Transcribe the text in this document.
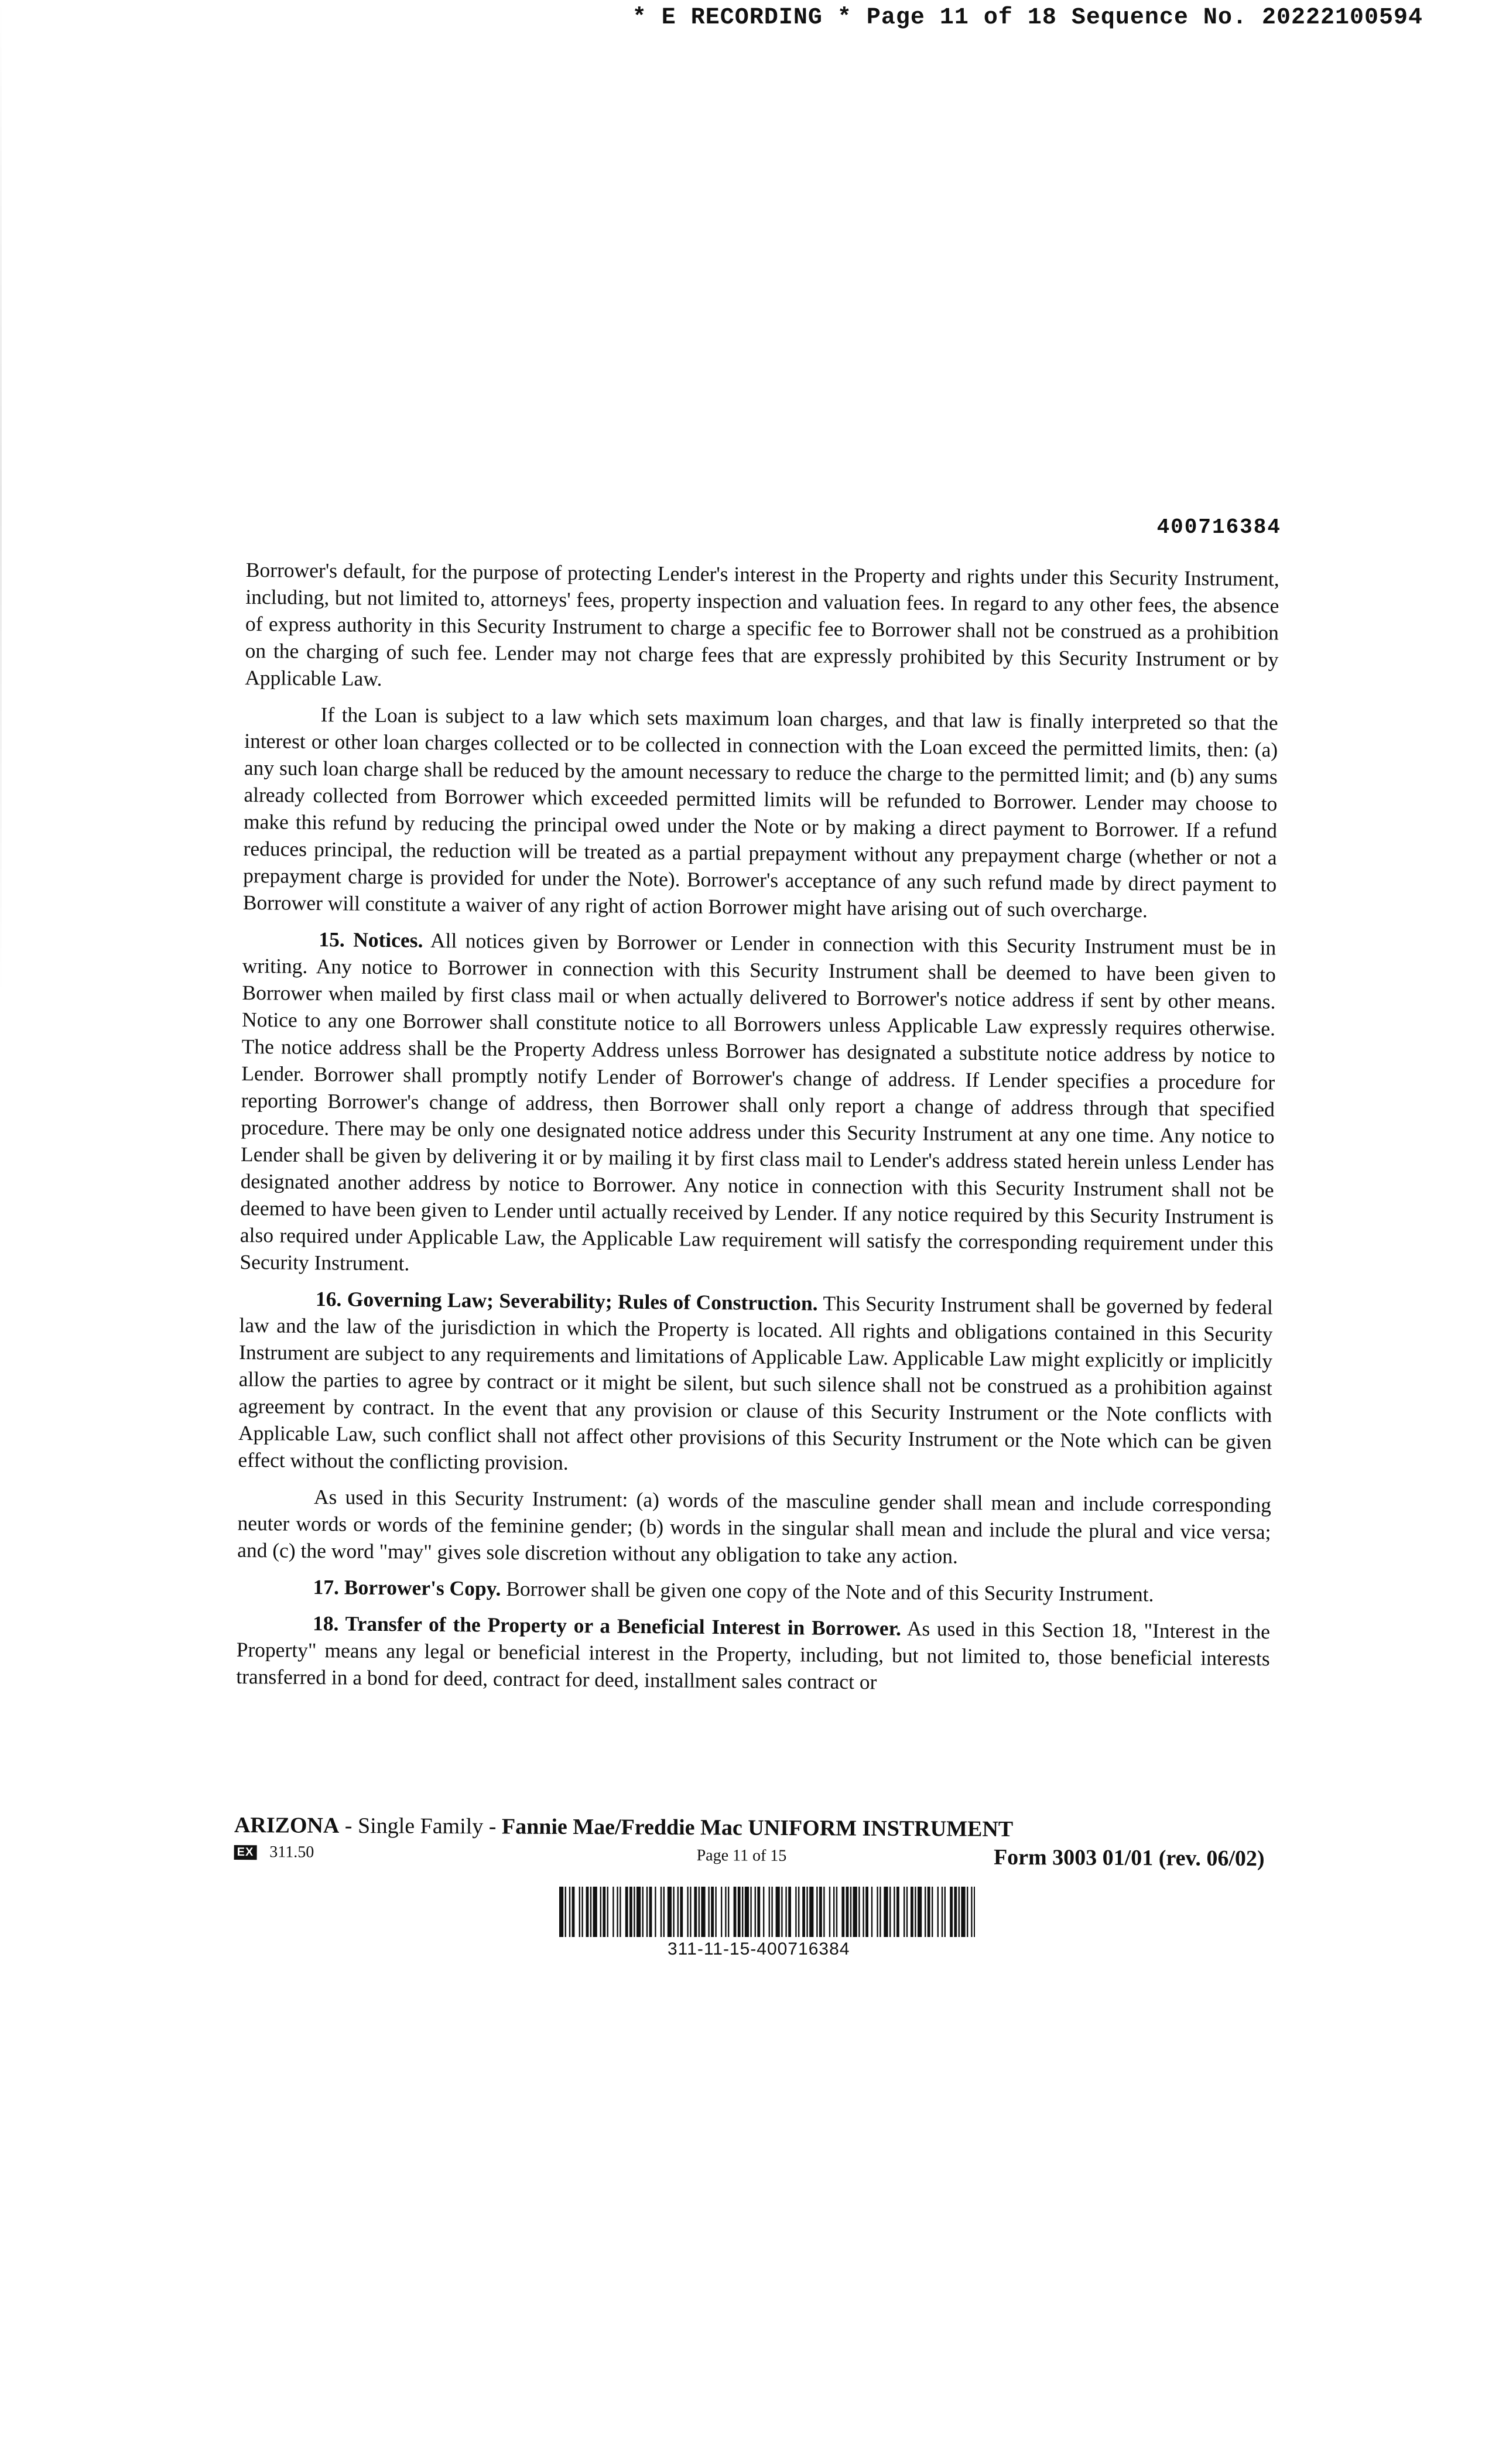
* E RECORDING * Page 11 of 18 Sequence No. 20222100594
400716384

Borrower's default, for the purpose of protecting Lender's interest in the Property and rights under this Security Instrument, including, but not limited to, attorneys' fees, property inspection and valuation fees. In regard to any other fees, the absence of express authority in this Security Instrument to charge a specific fee to Borrower shall not be construed as a prohibition on the charging of such fee. Lender may not charge fees that are expressly prohibited by this Security Instrument or by Applicable Law.

If the Loan is subject to a law which sets maximum loan charges, and that law is finally interpreted so that the interest or other loan charges collected or to be collected in connection with the Loan exceed the permitted limits, then: (a) any such loan charge shall be reduced by the amount necessary to reduce the charge to the permitted limit; and (b) any sums already collected from Borrower which exceeded permitted limits will be refunded to Borrower. Lender may choose to make this refund by reducing the principal owed under the Note or by making a direct payment to Borrower. If a refund reduces principal, the reduction will be treated as a partial prepayment without any prepayment charge (whether or not a prepayment charge is provided for under the Note). Borrower's acceptance of any such refund made by direct payment to Borrower will constitute a waiver of any right of action Borrower might have arising out of such overcharge.

15. Notices. All notices given by Borrower or Lender in connection with this Security Instrument must be in writing. Any notice to Borrower in connection with this Security Instrument shall be deemed to have been given to Borrower when mailed by first class mail or when actually delivered to Borrower's notice address if sent by other means. Notice to any one Borrower shall constitute notice to all Borrowers unless Applicable Law expressly requires otherwise. The notice address shall be the Property Address unless Borrower has designated a substitute notice address by notice to Lender. Borrower shall promptly notify Lender of Borrower's change of address. If Lender specifies a procedure for reporting Borrower's change of address, then Borrower shall only report a change of address through that specified procedure. There may be only one designated notice address under this Security Instrument at any one time. Any notice to Lender shall be given by delivering it or by mailing it by first class mail to Lender's address stated herein unless Lender has designated another address by notice to Borrower. Any notice in connection with this Security Instrument shall not be deemed to have been given to Lender until actually received by Lender. If any notice required by this Security Instrument is also required under Applicable Law, the Applicable Law requirement will satisfy the corresponding requirement under this Security Instrument.

16. Governing Law; Severability; Rules of Construction. This Security Instrument shall be governed by federal law and the law of the jurisdiction in which the Property is located. All rights and obligations contained in this Security Instrument are subject to any requirements and limitations of Applicable Law. Applicable Law might explicitly or implicitly allow the parties to agree by contract or it might be silent, but such silence shall not be construed as a prohibition against agreement by contract. In the event that any provision or clause of this Security Instrument or the Note conflicts with Applicable Law, such conflict shall not affect other provisions of this Security Instrument or the Note which can be given effect without the conflicting provision.

As used in this Security Instrument: (a) words of the masculine gender shall mean and include corresponding neuter words or words of the feminine gender; (b) words in the singular shall mean and include the plural and vice versa; and (c) the word "may" gives sole discretion without any obligation to take any action.

17. Borrower's Copy. Borrower shall be given one copy of the Note and of this Security Instrument.

18. Transfer of the Property or a Beneficial Interest in Borrower. As used in this Section 18, "Interest in the Property" means any legal or beneficial interest in the Property, including, but not limited to, those beneficial interests transferred in a bond for deed, contract for deed, installment sales contract or

ARIZONA - Single Family - Fannie Mae/Freddie Mac UNIFORM INSTRUMENT
EX 311.50	Page 11 of 15	Form 3003 01/01 (rev. 06/02)
311-11-15-400716384
